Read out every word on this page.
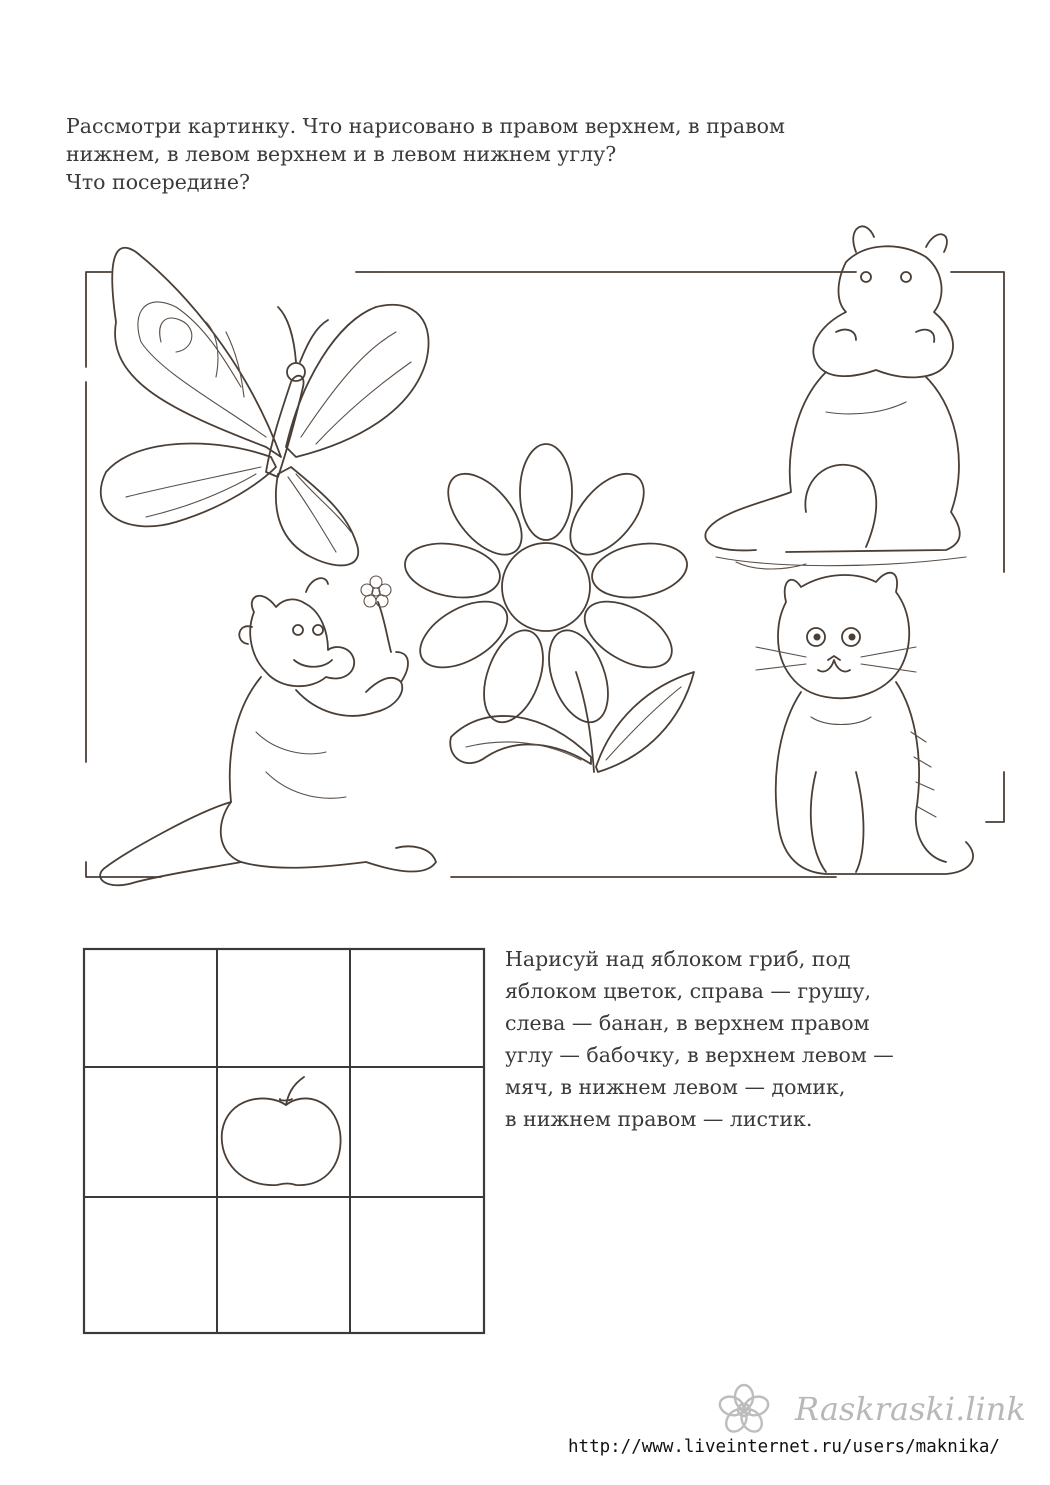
Рассмотри картинку. Что нарисовано в правом верхнем, в правом

нижнем, в левом верхнем и в левом нижнем углу?

Что посередине?

Нарисуй над яблоком гриб, под

яблоком цветок, справа — грушу,

слева — банан, в верхнем правом

углу — бабочку, в верхнем левом —

мяч, в нижнем левом — домик,

в нижнем правом — листик.

Raskraski.link
http://www.liveinternet.ru/users/maknika/
